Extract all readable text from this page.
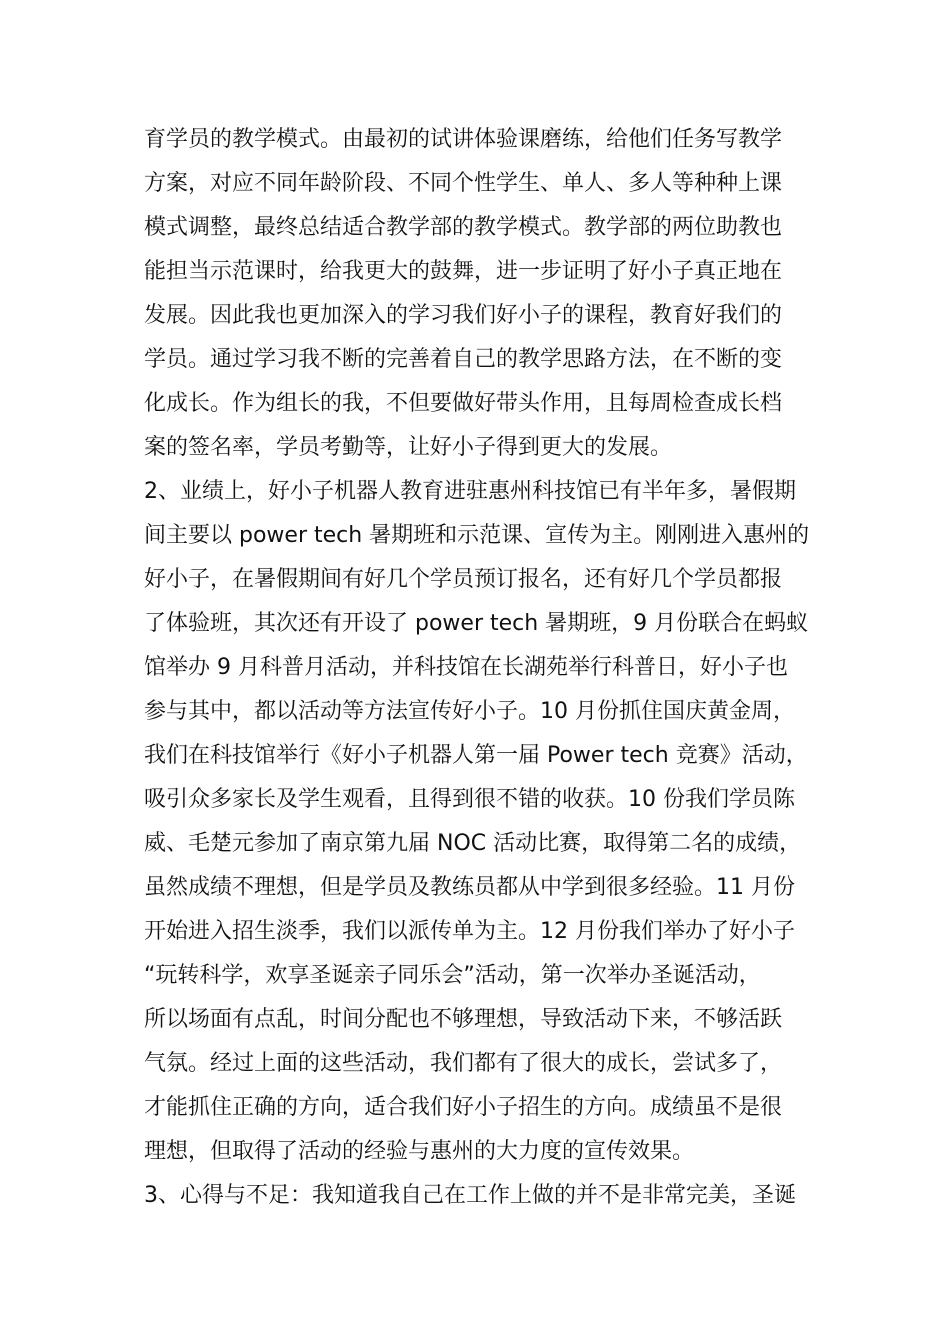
育学员的教学模式。由最初的试讲体验课磨练，给他们任务写教学
方案，对应不同年龄阶段、不同个性学生、单人、多人等种种上课
模式调整，最终总结适合教学部的教学模式。教学部的两位助教也
能担当示范课时，给我更大的鼓舞，进一步证明了好小子真正地在
发展。因此我也更加深入的学习我们好小子的课程，教育好我们的
学员。通过学习我不断的完善着自己的教学思路方法，在不断的变
化成长。作为组长的我，不但要做好带头作用，且每周检查成长档
案的签名率，学员考勤等，让好小子得到更大的发展。
2、业绩上，好小子机器人教育进驻惠州科技馆已有半年多，暑假期
间主要以 power tech 暑期班和示范课、宣传为主。刚刚进入惠州的
好小子，在暑假期间有好几个学员预订报名，还有好几个学员都报
了体验班，其次还有开设了 power tech 暑期班，9 月份联合在蚂蚁
馆举办 9 月科普月活动，并科技馆在长湖苑举行科普日，好小子也
参与其中，都以活动等方法宣传好小子。10 月份抓住国庆黄金周，
我们在科技馆举行《好小子机器人第一届 Power tech 竞赛》活动，
吸引众多家长及学生观看，且得到很不错的收获。10 份我们学员陈
威、毛楚元参加了南京第九届 NOC 活动比赛，取得第二名的成绩，
虽然成绩不理想，但是学员及教练员都从中学到很多经验。11 月份
开始进入招生淡季，我们以派传单为主。12 月份我们举办了好小子
“玩转科学，欢享圣诞亲子同乐会”活动，第一次举办圣诞活动，
所以场面有点乱，时间分配也不够理想，导致活动下来，不够活跃
气氛。经过上面的这些活动，我们都有了很大的成长，尝试多了，
才能抓住正确的方向，适合我们好小子招生的方向。成绩虽不是很
理想，但取得了活动的经验与惠州的大力度的宣传效果。
3、心得与不足：我知道我自己在工作上做的并不是非常完美，圣诞
